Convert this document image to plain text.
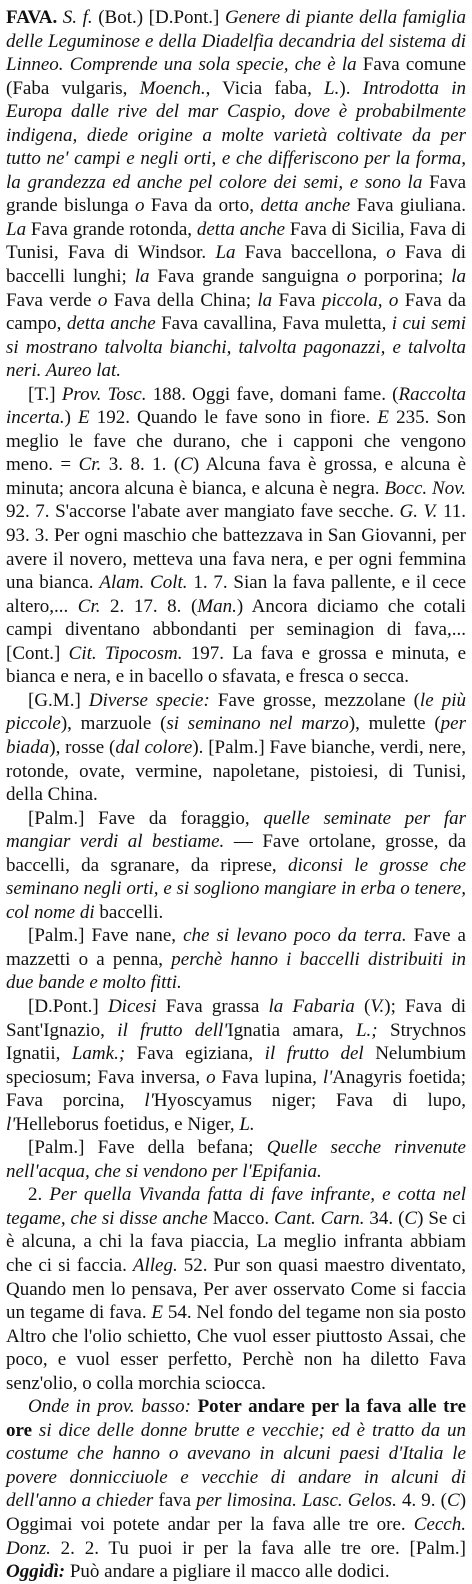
FAVA. S. f. (Bot.) [D.Pont.] Genere di piante della famiglia delle Leguminose e della Diadelfia decandria del sistema di Linneo. Comprende una sola specie, che è la Fava comune (Faba vulgaris, Moench., Vicia faba, L.). Introdotta in Europa dalle rive del mar Caspio, dove è probabilmente indigena, diede origine a molte varietà coltivate da per tutto ne' campi e negli orti, e che differiscono per la forma, la grandezza ed anche pel colore dei semi, e sono la Fava grande bislunga o Fava da orto, detta anche Fava giuliana. La Fava grande rotonda, detta anche Fava di Sicilia, Fava di Tunisi, Fava di Windsor. La Fava baccellona, o Fava di baccelli lunghi; la Fava grande sanguigna o porporina; la Fava verde o Fava della China; la Fava piccola, o Fava da campo, detta anche Fava cavallina, Fava muletta, i cui semi si mostrano talvolta bianchi, talvolta pagonazzi, e talvolta neri. Aureo lat.

[T.] Prov. Tosc. 188. Oggi fave, domani fame. (Raccolta incerta.) E 192. Quando le fave sono in fiore. E 235. Son meglio le fave che durano, che i capponi che vengono meno. = Cr. 3. 8. 1. (C) Alcuna fava è grossa, e alcuna è minuta; ancora alcuna è bianca, e alcuna è negra. Bocc. Nov. 92. 7. S'accorse l'abate aver mangiato fave secche. G. V. 11. 93. 3. Per ogni maschio che battezzava in San Giovanni, per avere il novero, metteva una fava nera, e per ogni femmina una bianca. Alam. Colt. 1. 7. Sian la fava pallente, e il cece altero,... Cr. 2. 17. 8. (Man.) Ancora diciamo che cotali campi diventano abbondanti per seminagion di fava,... [Cont.] Cit. Tipocosm. 197. La fava e grossa e minuta, e bianca e nera, e in bacello o sfavata, e fresca o secca.

[G.M.] Diverse specie: Fave grosse, mezzolane (le più piccole), marzuole (si seminano nel marzo), mulette (per biada), rosse (dal colore). [Palm.] Fave bianche, verdi, nere, rotonde, ovate, vermine, napoletane, pistoiesi, di Tunisi, della China.

[Palm.] Fave da foraggio, quelle seminate per far mangiar verdi al bestiame. — Fave ortolane, grosse, da baccelli, da sgranare, da riprese, diconsi le grosse che seminano negli orti, e si sogliono mangiare in erba o tenere, col nome di baccelli.

[Palm.] Fave nane, che si levano poco da terra. Fave a mazzetti o a penna, perchè hanno i baccelli distribuiti in due bande e molto fitti.

[D.Pont.] Dicesi Fava grassa la Fabaria (V.); Fava di Sant'Ignazio, il frutto dell'Ignatia amara, L.; Strychnos Ignatii, Lamk.; Fava egiziana, il frutto del Nelumbium speciosum; Fava inversa, o Fava lupina, l'Anagyris foetida; Fava porcina, l'Hyoscyamus niger; Fava di lupo, l'Helleborus foetidus, e Niger, L.

[Palm.] Fave della befana; Quelle secche rinvenute nell'acqua, che si vendono per l'Epifania.

2. Per quella Vivanda fatta di fave infrante, e cotta nel tegame, che si disse anche Macco. Cant. Carn. 34. (C) Se ci è alcuna, a chi la fava piaccia, La meglio infranta abbiam che ci si faccia. Alleg. 52. Pur son quasi maestro diventato, Quando men lo pensava, Per aver osservato Come si faccia un tegame di fava. E 54. Nel fondo del tegame non sia posto Altro che l'olio schietto, Che vuol esser piuttosto Assai, che poco, e vuol esser perfetto, Perchè non ha diletto Fava senz'olio, o colla morchia sciocca.

Onde in prov. basso: Poter andare per la fava alle tre ore si dice delle donne brutte e vecchie; ed è tratto da un costume che hanno o avevano in alcuni paesi d'Italia le povere donnicciuole e vecchie di andare in alcuni di dell'anno a chieder fava per limosina. Lasc. Gelos. 4. 9. (C) Oggimai voi potete andar per la fava alle tre ore. Cecch. Donz. 2. 2. Tu puoi ir per la fava alle tre ore. [Palm.] Oggidì: Può andare a pigliare il macco alle dodici.
